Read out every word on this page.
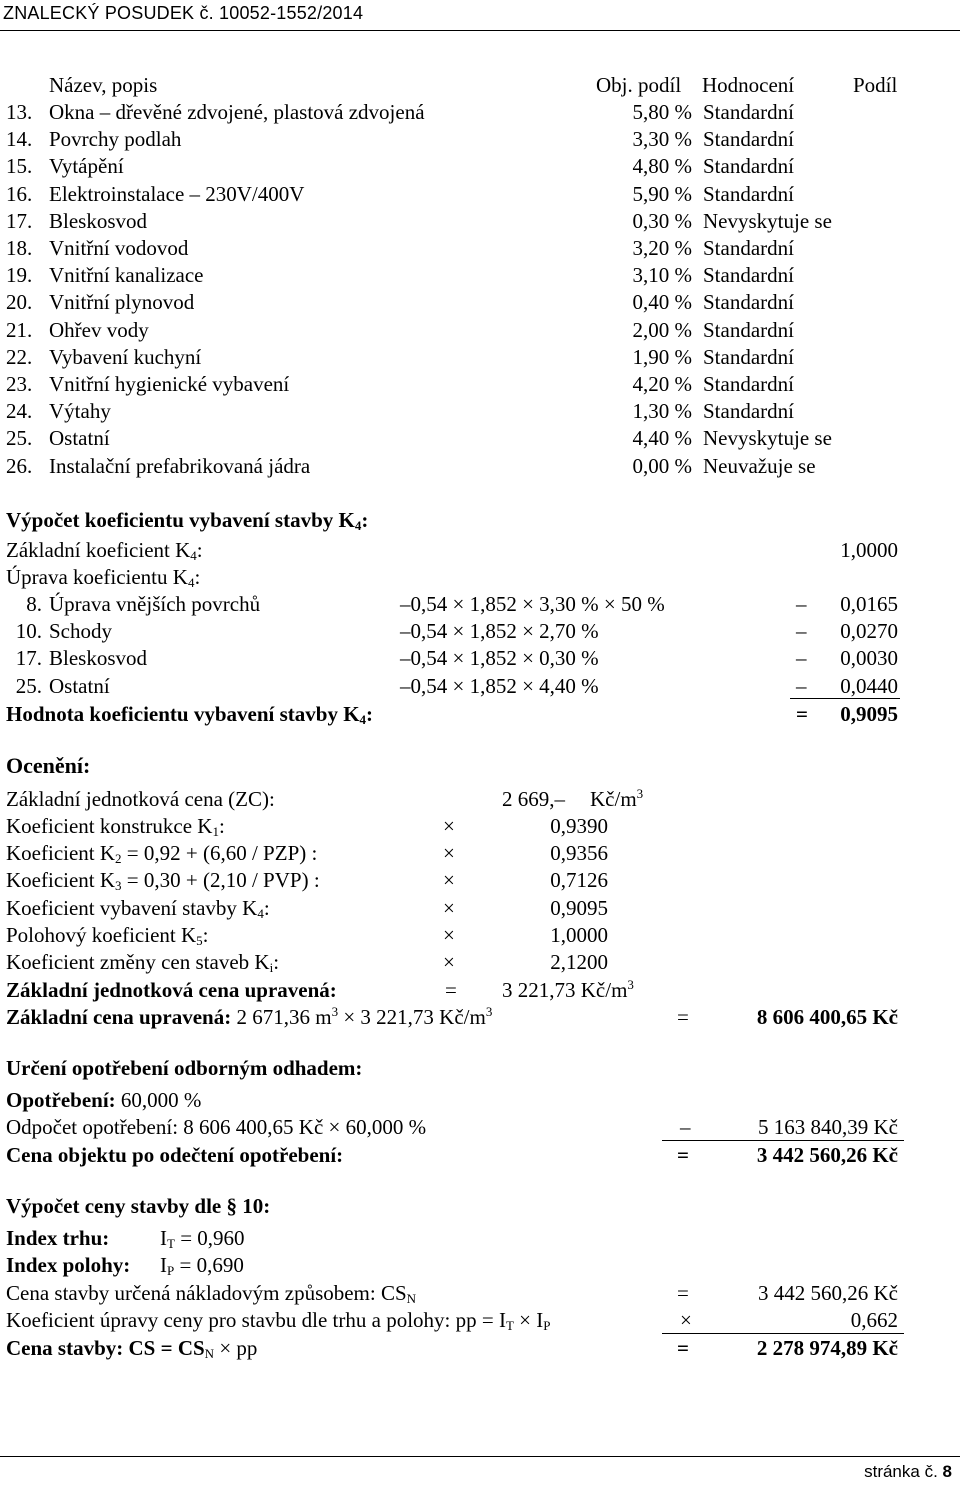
ZNALECKÝ POSUDEK č. 10052-1552/2014
Název, popis	Obj. podíl Hodnocení	Podíl
13. Okna – dřevěné zdvojené, plastová zdvojená	5,80 % Standardní
14. Povrchy podlah	3,30 % Standardní
15. Vytápění	4,80 % Standardní
16. Elektroinstalace – 230V/400V	5,90 % Standardní
17. Bleskosvod	0,30 % Nevyskytuje se
18. Vnitřní vodovod	3,20 % Standardní
19. Vnitřní kanalizace	3,10 % Standardní
20. Vnitřní plynovod	0,40 % Standardní
21. Ohřev vody	2,00 % Standardní
22. Vybavení kuchyní	1,90 % Standardní
23. Vnitřní hygienické vybavení	4,20 % Standardní
24. Výtahy	1,30 % Standardní
25. Ostatní	4,40 % Nevyskytuje se
26. Instalační prefabrikovaná jádra	0,00 % Neuvažuje se
Výpočet koeficientu vybavení stavby $K_4$:
Základní koeficient $K_4$:	1,0000
Úprava koeficientu $K_4$:
8. Úprava vnějších povrchů	–0,54 × 1,852 × 3,30 % × 50 %	– 0,0165
10. Schody	–0,54 × 1,852 × 2,70 %	– 0,0270
17. Bleskosvod	–0,54 × 1,852 × 0,30 %	– 0,0030
25. Ostatní	–0,54 × 1,852 × 4,40 %	– 0,0440
Hodnota koeficientu vybavení stavby $K_4$:	= 0,9095
Ocenění:
Základní jednotková cena (ZC):	2 669,– $Kč/m^3$
Koeficient konstrukce $K_1$:	×	0,9390
Koeficient $K_2 = 0,92 + (6,60 / PZP)$ :	×	0,9356
Koeficient $K_3 = 0,30 + (2,10 / PVP)$ :	×	0,7126
Koeficient vybavení stavby $K_4$:	×	0,9095
Polohový koeficient $K_5$:	×	1,0000
Koeficient změny cen staveb $K_i$:	×	2,1200
Základní jednotková cena upravená:	= 3 221,73 $Kč/m^3$
Základní cena upravená: 2 671,36 $m^3 \times 3$ 221,73 $Kč/m^3$	=	8 606 400,65 Kč
Určení opotřebení odborným odhadem:
Opotřebení: 60,000 %
Odpočet opotřebení: 8 606 400,65 Kč × 60,000 %	–	5 163 840,39 Kč
Cena objektu po odečtení opotřebení:	=	3 442 560,26 Kč
Výpočet ceny stavby dle § 10:
Index trhu: $I_T = 0,960$
Index polohy: $I_P = 0,690$
Cena stavby určená nákladovým způsobem: $CS_N$	=	3 442 560,26 Kč
Koeficient úpravy ceny pro stavbu dle trhu a polohy: pp = $I_T \times I_P$	×	0,662
Cena stavby: CS = $CS_N$ × pp	=	2 278 974,89 Kč
stránka č. 8
